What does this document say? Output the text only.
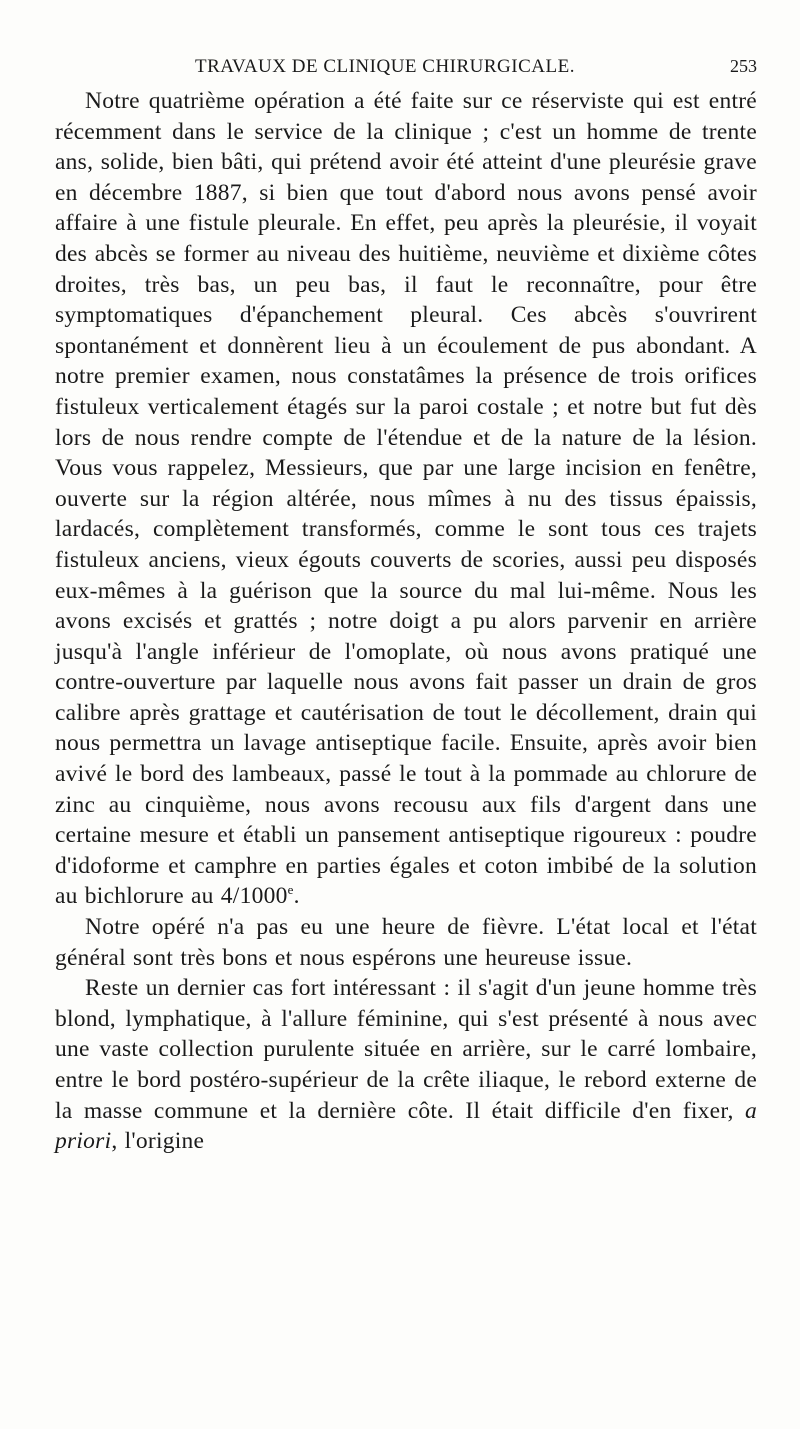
TRAVAUX DE CLINIQUE CHIRURGICALE.	253

Notre quatrième opération a été faite sur ce réserviste qui est entré récemment dans le service de la clinique ; c'est un homme de trente ans, solide, bien bâti, qui prétend avoir été atteint d'une pleurésie grave en décembre 1887, si bien que tout d'abord nous avons pensé avoir affaire à une fistule pleurale. En effet, peu après la pleurésie, il voyait des abcès se former au niveau des huitième, neuvième et dixième côtes droites, très bas, un peu bas, il faut le reconnaître, pour être symptomatiques d'épanchement pleural. Ces abcès s'ouvrirent spontanément et donnèrent lieu à un écoulement de pus abondant. A notre premier examen, nous constatâmes la présence de trois orifices fistuleux verticalement étagés sur la paroi costale ; et notre but fut dès lors de nous rendre compte de l'étendue et de la nature de la lésion. Vous vous rappelez, Messieurs, que par une large incision en fenêtre, ouverte sur la région altérée, nous mîmes à nu des tissus épaissis, lardacés, complètement transformés, comme le sont tous ces trajets fistuleux anciens, vieux égouts couverts de scories, aussi peu disposés eux-mêmes à la guérison que la source du mal lui-même. Nous les avons excisés et grattés ; notre doigt a pu alors parvenir en arrière jusqu'à l'angle inférieur de l'omoplate, où nous avons pratiqué une contre-ouverture par laquelle nous avons fait passer un drain de gros calibre après grattage et cautérisation de tout le décollement, drain qui nous permettra un lavage antiseptique facile. Ensuite, après avoir bien avivé le bord des lambeaux, passé le tout à la pommade au chlorure de zinc au cinquième, nous avons recousu aux fils d'argent dans une certaine mesure et établi un pansement antiseptique rigoureux : poudre d'idoforme et camphre en parties égales et coton imbibé de la solution au bichlorure au 4/1000e.

Notre opéré n'a pas eu une heure de fièvre. L'état local et l'état général sont très bons et nous espérons une heureuse issue.

Reste un dernier cas fort intéressant : il s'agit d'un jeune homme très blond, lymphatique, à l'allure féminine, qui s'est présenté à nous avec une vaste collection purulente située en arrière, sur le carré lombaire, entre le bord postéro-supérieur de la crête iliaque, le rebord externe de la masse commune et la dernière côte. Il était difficile d'en fixer, a priori, l'origine
